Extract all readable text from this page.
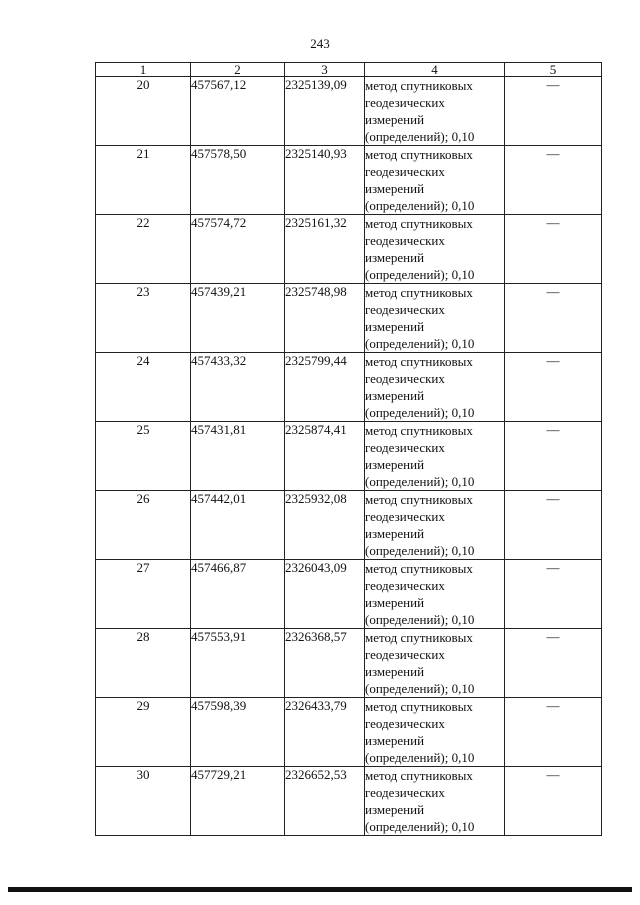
243
1	2	3	4	5
20	457567,12	2325139,09	метод спутниковых
геодезических
измерений
(определений); 0,10	—
21	457578,50	2325140,93	метод спутниковых
геодезических
измерений
(определений); 0,10	—
22	457574,72	2325161,32	метод спутниковых
геодезических
измерений
(определений); 0,10	—
23	457439,21	2325748,98	метод спутниковых
геодезических
измерений
(определений); 0,10	—
24	457433,32	2325799,44	метод спутниковых
геодезических
измерений
(определений); 0,10	—
25	457431,81	2325874,41	метод спутниковых
геодезических
измерений
(определений); 0,10	—
26	457442,01	2325932,08	метод спутниковых
геодезических
измерений
(определений); 0,10	—
27	457466,87	2326043,09	метод спутниковых
геодезических
измерений
(определений); 0,10	—
28	457553,91	2326368,57	метод спутниковых
геодезических
измерений
(определений); 0,10	—
29	457598,39	2326433,79	метод спутниковых
геодезических
измерений
(определений); 0,10	—
30	457729,21	2326652,53	метод спутниковых
геодезических
измерений
(определений); 0,10	—
